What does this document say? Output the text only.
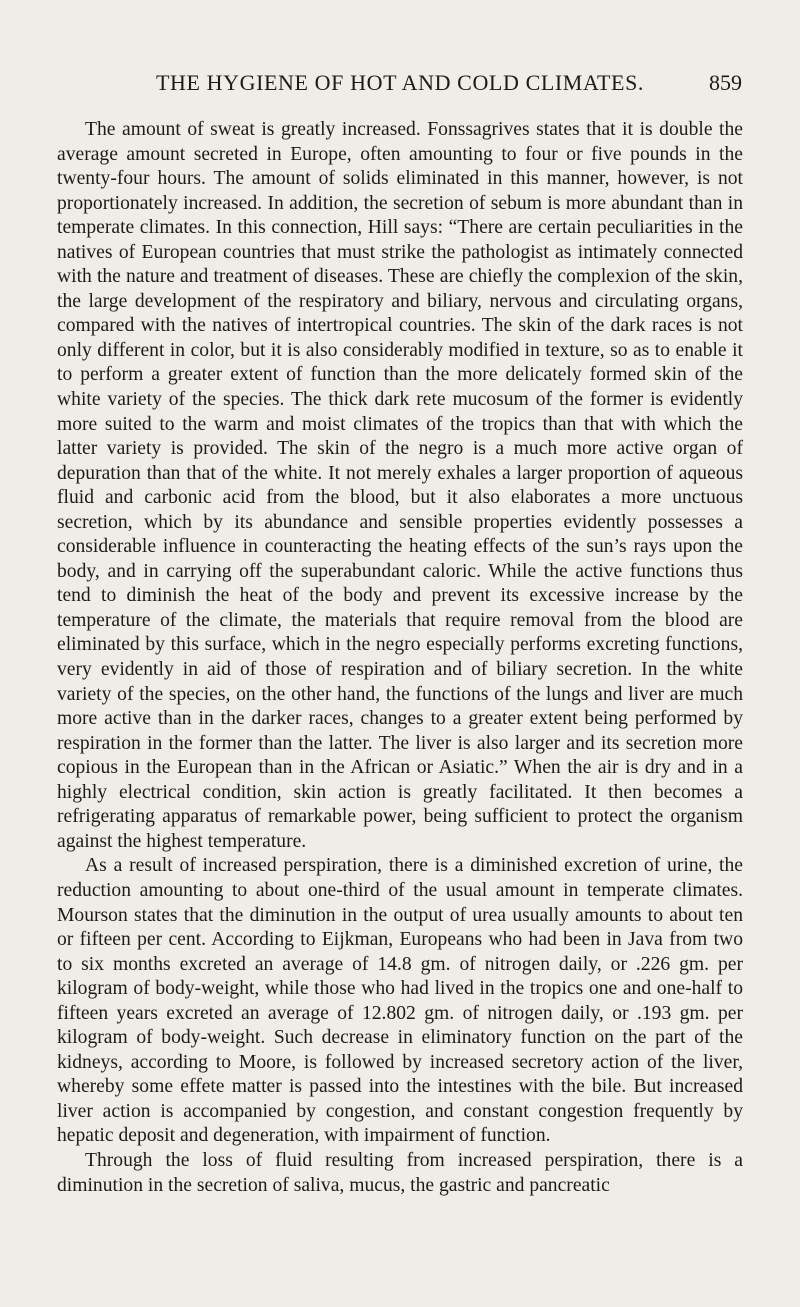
THE HYGIENE OF HOT AND COLD CLIMATES.	859

The amount of sweat is greatly increased. Fonssagrives states that it is double the average amount secreted in Europe, often amounting to four or five pounds in the twenty-four hours. The amount of solids eliminated in this manner, however, is not proportionately increased. In addition, the secretion of sebum is more abundant than in temperate climates. In this connection, Hill says: “There are certain peculiarities in the natives of European countries that must strike the pathologist as intimately connected with the nature and treatment of diseases. These are chiefly the complexion of the skin, the large development of the respiratory and biliary, nervous and circulating organs, compared with the natives of intertropical countries. The skin of the dark races is not only different in color, but it is also considerably modified in texture, so as to enable it to perform a greater extent of function than the more delicately formed skin of the white variety of the species. The thick dark rete mucosum of the former is evidently more suited to the warm and moist climates of the tropics than that with which the latter variety is provided. The skin of the negro is a much more active organ of depuration than that of the white. It not merely exhales a larger proportion of aqueous fluid and carbonic acid from the blood, but it also elaborates a more unctuous secretion, which by its abundance and sensible properties evidently possesses a considerable influence in counteracting the heating effects of the sun’s rays upon the body, and in carrying off the superabundant caloric. While the active functions thus tend to diminish the heat of the body and prevent its excessive increase by the temperature of the climate, the materials that require removal from the blood are eliminated by this surface, which in the negro especially performs excreting functions, very evidently in aid of those of respiration and of biliary secretion. In the white variety of the species, on the other hand, the functions of the lungs and liver are much more active than in the darker races, changes to a greater extent being performed by respiration in the former than the latter. The liver is also larger and its secretion more copious in the European than in the African or Asiatic.” When the air is dry and in a highly electrical condition, skin action is greatly facilitated. It then becomes a refrigerating apparatus of remarkable power, being sufficient to protect the organism against the highest temperature.

As a result of increased perspiration, there is a diminished excretion of urine, the reduction amounting to about one-third of the usual amount in temperate climates. Mourson states that the diminution in the output of urea usually amounts to about ten or fifteen per cent. According to Eijkman, Europeans who had been in Java from two to six months excreted an average of 14.8 gm. of nitrogen daily, or .226 gm. per kilogram of body-weight, while those who had lived in the tropics one and one-half to fifteen years excreted an average of 12.802 gm. of nitrogen daily, or .193 gm. per kilogram of body-weight. Such decrease in eliminatory function on the part of the kidneys, according to Moore, is followed by increased secretory action of the liver, whereby some effete matter is passed into the intestines with the bile. But increased liver action is accompanied by congestion, and constant congestion frequently by hepatic deposit and degeneration, with impairment of function.

Through the loss of fluid resulting from increased perspiration, there is a diminution in the secretion of saliva, mucus, the gastric and pancreatic
